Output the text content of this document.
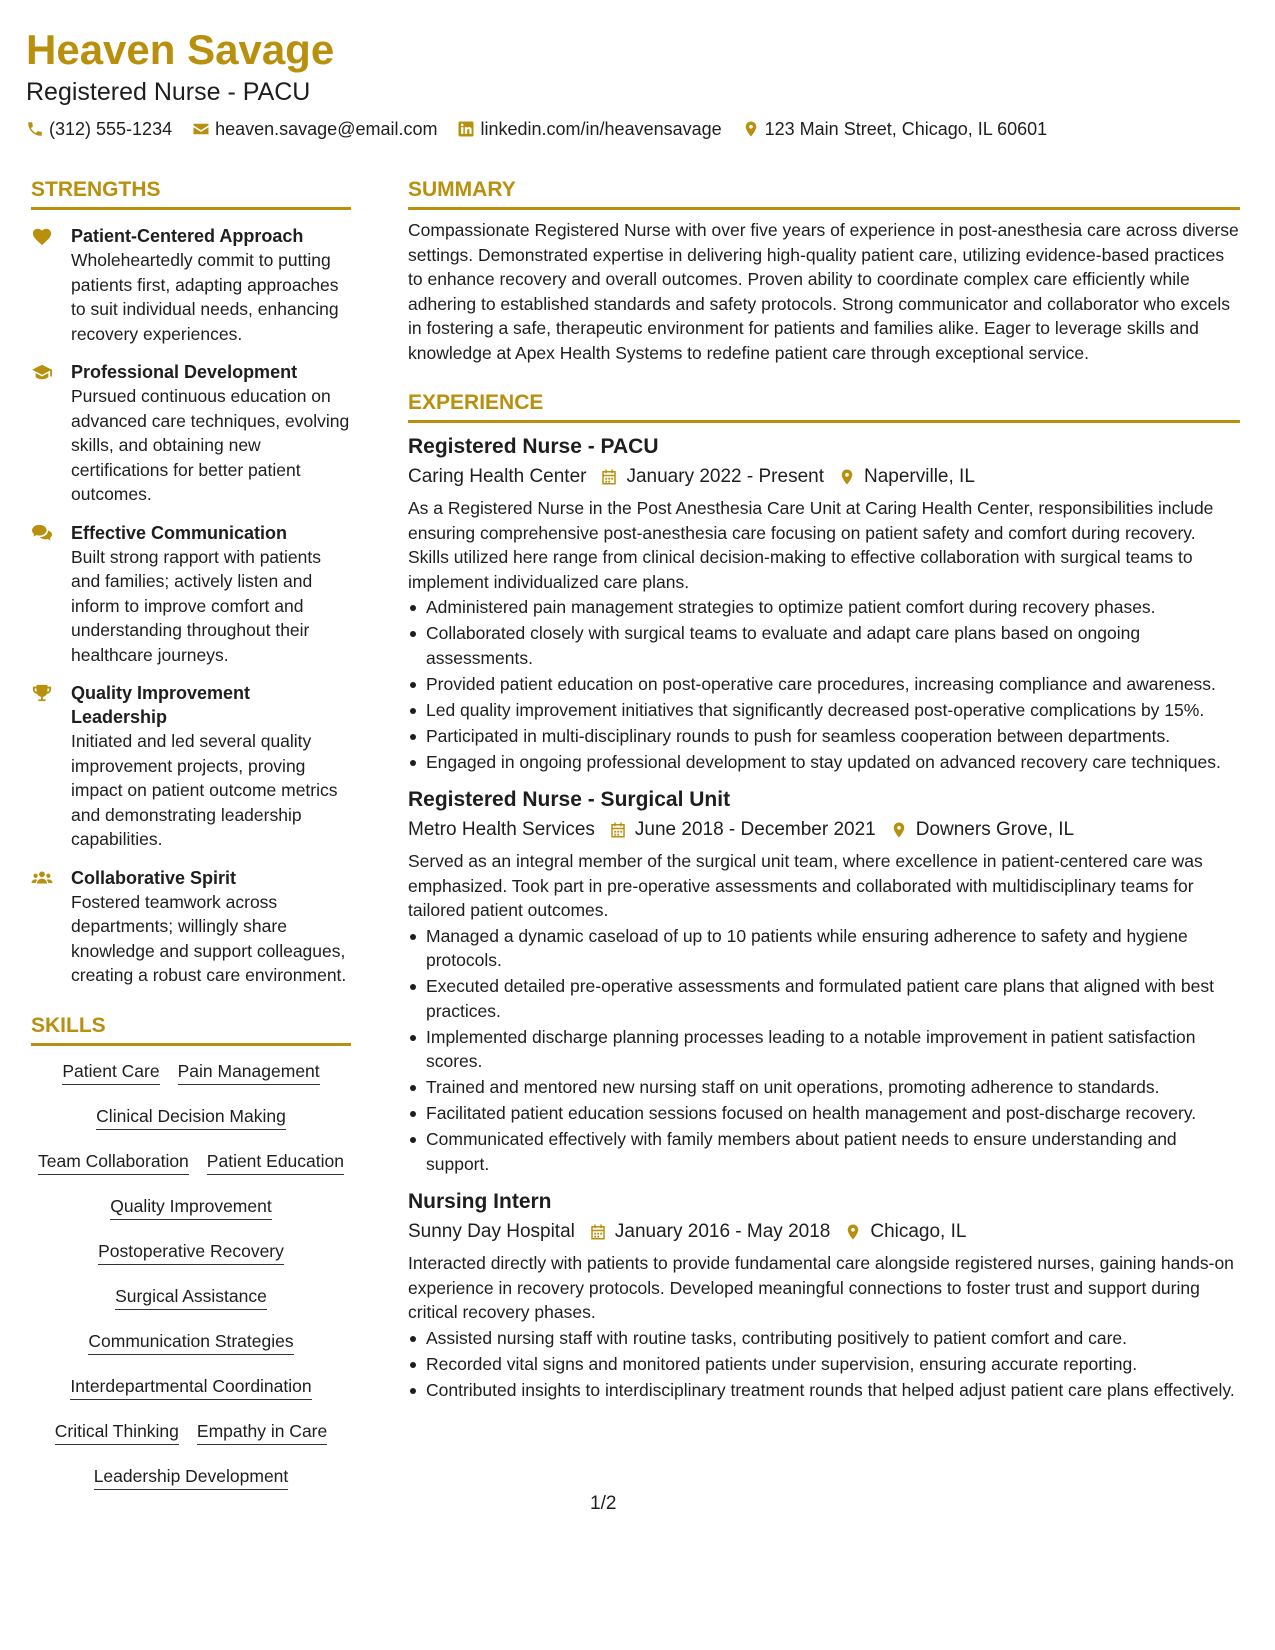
Heaven Savage
Registered Nurse - PACU
(312) 555-1234 heaven.savage@email.com linkedin.com/in/heavensavage 123 Main Street, Chicago, IL 60601
STRENGTHS
Patient-Centered Approach
Wholeheartedly commit to putting patients first, adapting approaches to suit individual needs, enhancing recovery experiences.
Professional Development
Pursued continuous education on advanced care techniques, evolving skills, and obtaining new certifications for better patient outcomes.
Effective Communication
Built strong rapport with patients and families; actively listen and inform to improve comfort and understanding throughout their healthcare journeys.
Quality Improvement Leadership
Initiated and led several quality improvement projects, proving impact on patient outcome metrics and demonstrating leadership capabilities.
Collaborative Spirit
Fostered teamwork across departments; willingly share knowledge and support colleagues, creating a robust care environment.
SKILLS
Patient Care Pain Management
Clinical Decision Making
Team Collaboration Patient Education
Quality Improvement
Postoperative Recovery
Surgical Assistance
Communication Strategies
Interdepartmental Coordination
Critical Thinking Empathy in Care
Leadership Development
SUMMARY
Compassionate Registered Nurse with over five years of experience in post-anesthesia care across diverse settings. Demonstrated expertise in delivering high-quality patient care, utilizing evidence-based practices to enhance recovery and overall outcomes. Proven ability to coordinate complex care efficiently while adhering to established standards and safety protocols. Strong communicator and collaborator who excels in fostering a safe, therapeutic environment for patients and families alike. Eager to leverage skills and knowledge at Apex Health Systems to redefine patient care through exceptional service.
EXPERIENCE
Registered Nurse - PACU
Caring Health Center January 2022 - Present Naperville, IL
As a Registered Nurse in the Post Anesthesia Care Unit at Caring Health Center, responsibilities include ensuring comprehensive post-anesthesia care focusing on patient safety and comfort during recovery. Skills utilized here range from clinical decision-making to effective collaboration with surgical teams to implement individualized care plans.
Administered pain management strategies to optimize patient comfort during recovery phases.
Collaborated closely with surgical teams to evaluate and adapt care plans based on ongoing assessments.
Provided patient education on post-operative care procedures, increasing compliance and awareness.
Led quality improvement initiatives that significantly decreased post-operative complications by 15%.
Participated in multi-disciplinary rounds to push for seamless cooperation between departments.
Engaged in ongoing professional development to stay updated on advanced recovery care techniques.
Registered Nurse - Surgical Unit
Metro Health Services June 2018 - December 2021 Downers Grove, IL
Served as an integral member of the surgical unit team, where excellence in patient-centered care was emphasized. Took part in pre-operative assessments and collaborated with multidisciplinary teams for tailored patient outcomes.
Managed a dynamic caseload of up to 10 patients while ensuring adherence to safety and hygiene protocols.
Executed detailed pre-operative assessments and formulated patient care plans that aligned with best practices.
Implemented discharge planning processes leading to a notable improvement in patient satisfaction scores.
Trained and mentored new nursing staff on unit operations, promoting adherence to standards.
Facilitated patient education sessions focused on health management and post-discharge recovery.
Communicated effectively with family members about patient needs to ensure understanding and support.
Nursing Intern
Sunny Day Hospital January 2016 - May 2018 Chicago, IL
Interacted directly with patients to provide fundamental care alongside registered nurses, gaining hands-on experience in recovery protocols. Developed meaningful connections to foster trust and support during critical recovery phases.
Assisted nursing staff with routine tasks, contributing positively to patient comfort and care.
Recorded vital signs and monitored patients under supervision, ensuring accurate reporting.
Contributed insights to interdisciplinary treatment rounds that helped adjust patient care plans effectively.
1/2
